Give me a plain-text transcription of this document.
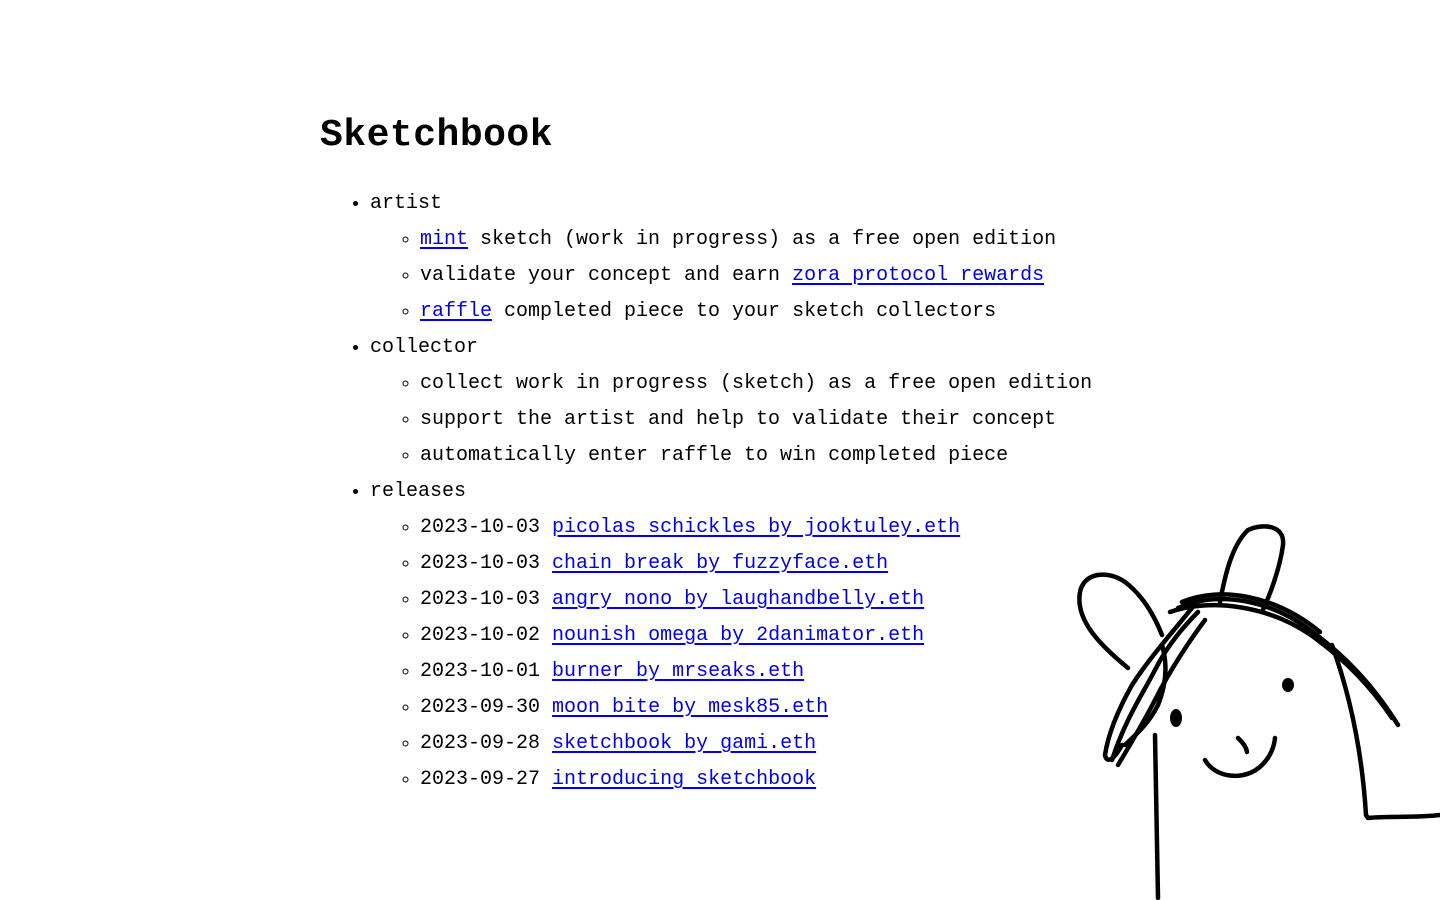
Sketchbook
• artist
◦ mint sketch (work in progress) as a free open edition
◦ validate your concept and earn zora protocol rewards
◦ raffle completed piece to your sketch collectors
• collector
◦ collect work in progress (sketch) as a free open edition
◦ support the artist and help to validate their concept
◦ automatically enter raffle to win completed piece
• releases
◦ 2023-10-03 picolas schickles by jooktuley.eth
◦ 2023-10-03 chain break by fuzzyface.eth
◦ 2023-10-03 angry nono by laughandbelly.eth
◦ 2023-10-02 nounish omega by 2danimator.eth
◦ 2023-10-01 burner by mrseaks.eth
◦ 2023-09-30 moon bite by mesk85.eth
◦ 2023-09-28 sketchbook by gami.eth
◦ 2023-09-27 introducing sketchbook
